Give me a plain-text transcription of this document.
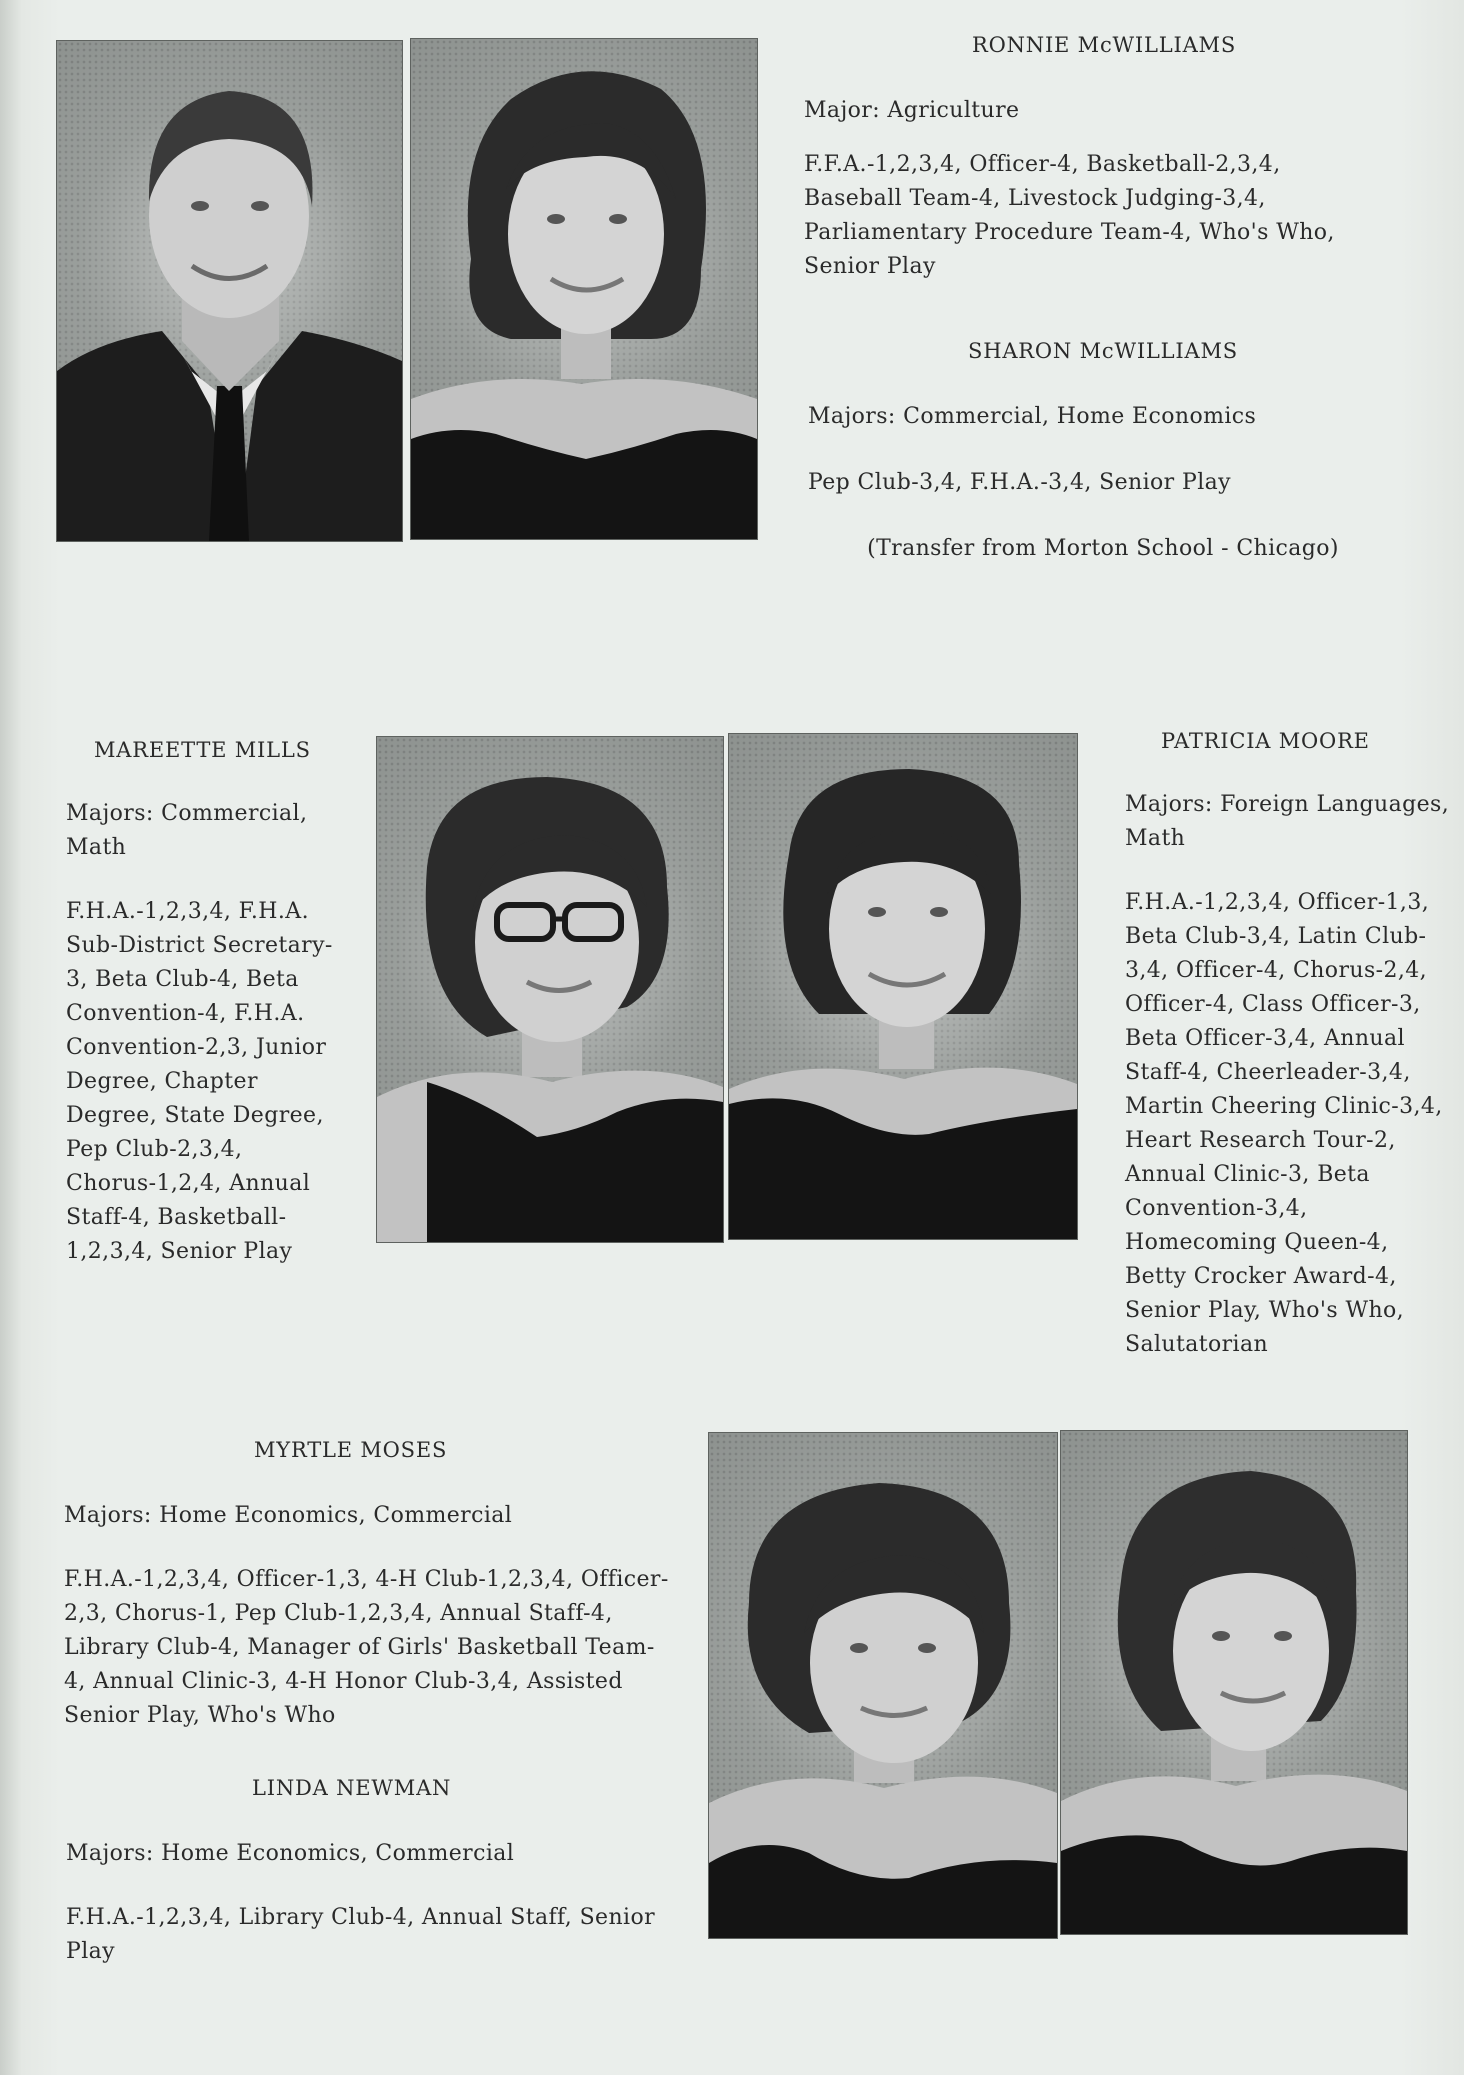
RONNIE McWILLIAMS

Major: Agriculture

F.F.A.-1,2,3,4, Officer-4, Basketball-2,3,4, Baseball Team-4, Livestock Judging-3,4, Parliamentary Procedure Team-4, Who's Who, Senior Play

SHARON McWILLIAMS

Majors: Commercial, Home Economics

Pep Club-3,4, F.H.A.-3,4, Senior Play

(Transfer from Morton School - Chicago)

MAREETTE MILLS

Majors: Commercial, Math

F.H.A.-1,2,3,4, F.H.A. Sub-District Secretary-3, Beta Club-4, Beta Convention-4, F.H.A. Convention-2,3, Junior Degree, Chapter Degree, State Degree, Pep Club-2,3,4, Chorus-1,2,4, Annual Staff-4, Basketball-1,2,3,4, Senior Play

PATRICIA MOORE

Majors: Foreign Languages, Math

F.H.A.-1,2,3,4, Officer-1,3, Beta Club-3,4, Latin Club-3,4, Officer-4, Chorus-2,4, Officer-4, Class Officer-3, Beta Officer-3,4, Annual Staff-4, Cheerleader-3,4, Martin Cheering Clinic-3,4, Heart Research Tour-2, Annual Clinic-3, Beta Convention-3,4, Homecoming Queen-4, Betty Crocker Award-4, Senior Play, Who's Who, Salutatorian

MYRTLE MOSES

Majors: Home Economics, Commercial

F.H.A.-1,2,3,4, Officer-1,3, 4-H Club-1,2,3,4, Officer-2,3, Chorus-1, Pep Club-1,2,3,4, Annual Staff-4, Library Club-4, Manager of Girls' Basketball Team-4, Annual Clinic-3, 4-H Honor Club-3,4, Assisted Senior Play, Who's Who

LINDA NEWMAN

Majors: Home Economics, Commercial

F.H.A.-1,2,3,4, Library Club-4, Annual Staff, Senior Play
